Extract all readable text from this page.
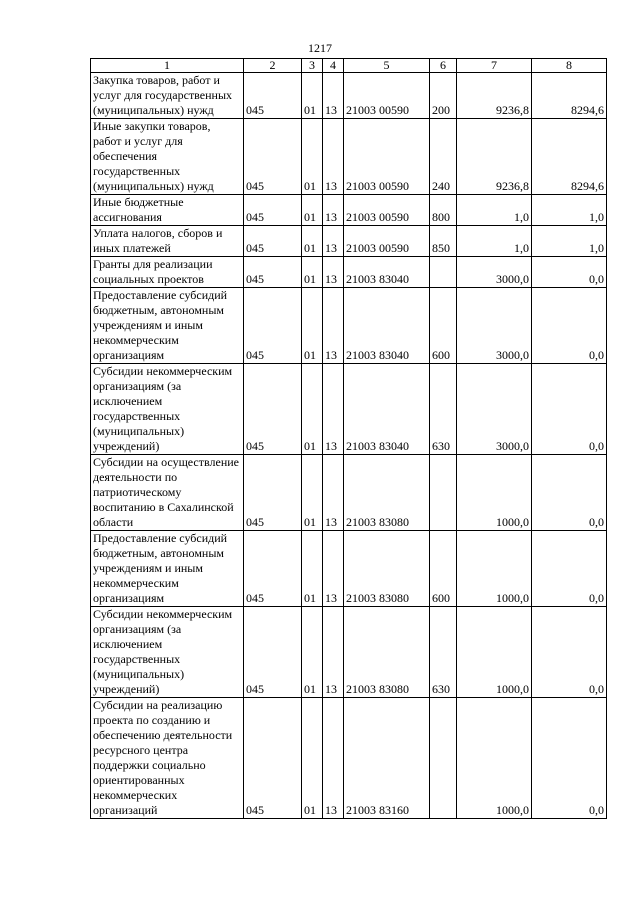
1217
1	2	3	4	5	6	7	8
Закупка товаров, работ и услуг для государственных (муниципальных) нужд	045	01	13	21003 00590	200	9236,8	8294,6
Иные закупки товаров, работ и услуг для обеспечения государственных (муниципальных) нужд	045	01	13	21003 00590	240	9236,8	8294,6
Иные бюджетные ассигнования	045	01	13	21003 00590	800	1,0	1,0
Уплата налогов, сборов и иных платежей	045	01	13	21003 00590	850	1,0	1,0
Гранты для реализации социальных проектов	045	01	13	21003 83040		3000,0	0,0
Предоставление субсидий бюджетным, автономным учреждениям и иным некоммерческим организациям	045	01	13	21003 83040	600	3000,0	0,0
Субсидии некоммерческим организациям (за исключением государственных (муниципальных) учреждений)	045	01	13	21003 83040	630	3000,0	0,0
Субсидии на осуществление деятельности по патриотическому воспитанию в Сахалинской области	045	01	13	21003 83080		1000,0	0,0
Предоставление субсидий бюджетным, автономным учреждениям и иным некоммерческим организациям	045	01	13	21003 83080	600	1000,0	0,0
Субсидии некоммерческим организациям (за исключением государственных (муниципальных) учреждений)	045	01	13	21003 83080	630	1000,0	0,0
Субсидии на реализацию проекта по созданию и обеспечению деятельности ресурсного центра поддержки социально ориентированных некоммерческих организаций	045	01	13	21003 83160		1000,0	0,0
